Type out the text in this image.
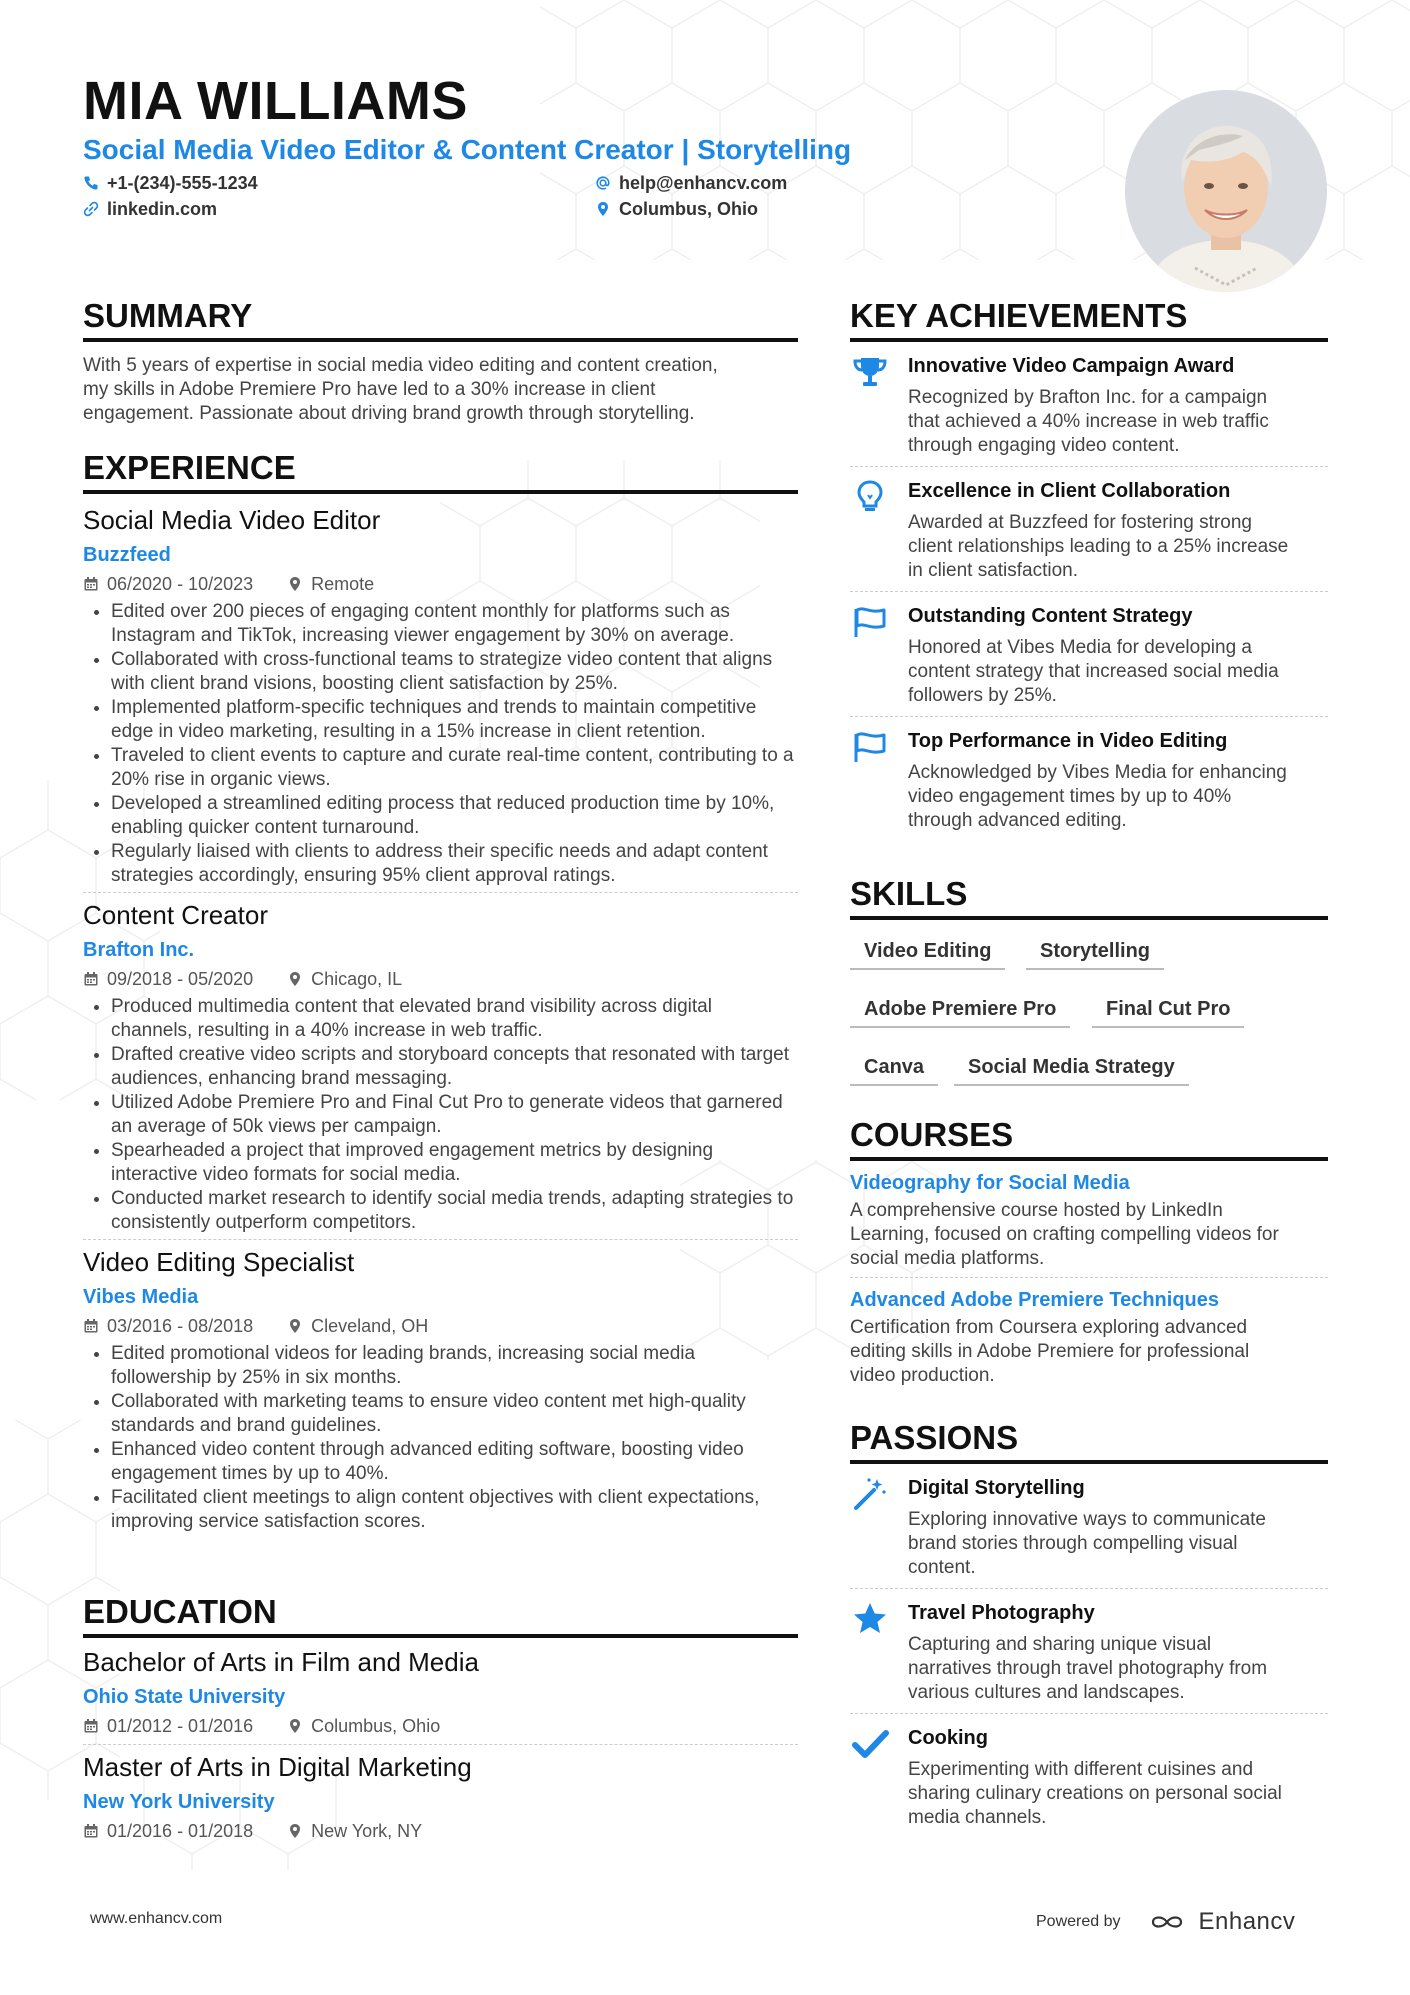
MIA WILLIAMS
Social Media Video Editor & Content Creator | Storytelling
+1-(234)-555-1234	help@enhancv.com
linkedin.com	Columbus, Ohio
SUMMARY
With 5 years of expertise in social media video editing and content creation,
my skills in Adobe Premiere Pro have led to a 30% increase in client
engagement. Passionate about driving brand growth through storytelling.
EXPERIENCE
Social Media Video Editor
Buzzfeed
06/2020 - 10/2023	Remote
• Edited over 200 pieces of engaging content monthly for platforms such as Instagram and TikTok, increasing viewer engagement by 30% on average.
• Collaborated with cross-functional teams to strategize video content that aligns with client brand visions, boosting client satisfaction by 25%.
• Implemented platform-specific techniques and trends to maintain competitive edge in video marketing, resulting in a 15% increase in client retention.
• Traveled to client events to capture and curate real-time content, contributing to a 20% rise in organic views.
• Developed a streamlined editing process that reduced production time by 10%, enabling quicker content turnaround.
• Regularly liaised with clients to address their specific needs and adapt content strategies accordingly, ensuring 95% client approval ratings.
Content Creator
Brafton Inc.
09/2018 - 05/2020	Chicago, IL
• Produced multimedia content that elevated brand visibility across digital channels, resulting in a 40% increase in web traffic.
• Drafted creative video scripts and storyboard concepts that resonated with target audiences, enhancing brand messaging.
• Utilized Adobe Premiere Pro and Final Cut Pro to generate videos that garnered an average of 50k views per campaign.
• Spearheaded a project that improved engagement metrics by designing interactive video formats for social media.
• Conducted market research to identify social media trends, adapting strategies to consistently outperform competitors.
Video Editing Specialist
Vibes Media
03/2016 - 08/2018	Cleveland, OH
• Edited promotional videos for leading brands, increasing social media followership by 25% in six months.
• Collaborated with marketing teams to ensure video content met high-quality standards and brand guidelines.
• Enhanced video content through advanced editing software, boosting video engagement times by up to 40%.
• Facilitated client meetings to align content objectives with client expectations, improving service satisfaction scores.
EDUCATION
Bachelor of Arts in Film and Media
Ohio State University
01/2012 - 01/2016	Columbus, Ohio
Master of Arts in Digital Marketing
New York University
01/2016 - 01/2018	New York, NY
KEY ACHIEVEMENTS
Innovative Video Campaign Award
Recognized by Brafton Inc. for a campaign
that achieved a 40% increase in web traffic
through engaging video content.
Excellence in Client Collaboration
Awarded at Buzzfeed for fostering strong
client relationships leading to a 25% increase
in client satisfaction.
Outstanding Content Strategy
Honored at Vibes Media for developing a
content strategy that increased social media
followers by 25%.
Top Performance in Video Editing
Acknowledged by Vibes Media for enhancing
video engagement times by up to 40%
through advanced editing.
SKILLS
Video Editing	Storytelling
Adobe Premiere Pro	Final Cut Pro
Canva	Social Media Strategy
COURSES
Videography for Social Media
A comprehensive course hosted by LinkedIn
Learning, focused on crafting compelling videos for
social media platforms.
Advanced Adobe Premiere Techniques
Certification from Coursera exploring advanced
editing skills in Adobe Premiere for professional
video production.
PASSIONS
Digital Storytelling
Exploring innovative ways to communicate
brand stories through compelling visual
content.
Travel Photography
Capturing and sharing unique visual
narratives through travel photography from
various cultures and landscapes.
Cooking
Experimenting with different cuisines and
sharing culinary creations on personal social
media channels.
www.enhancv.com	Powered by	Enhancv
